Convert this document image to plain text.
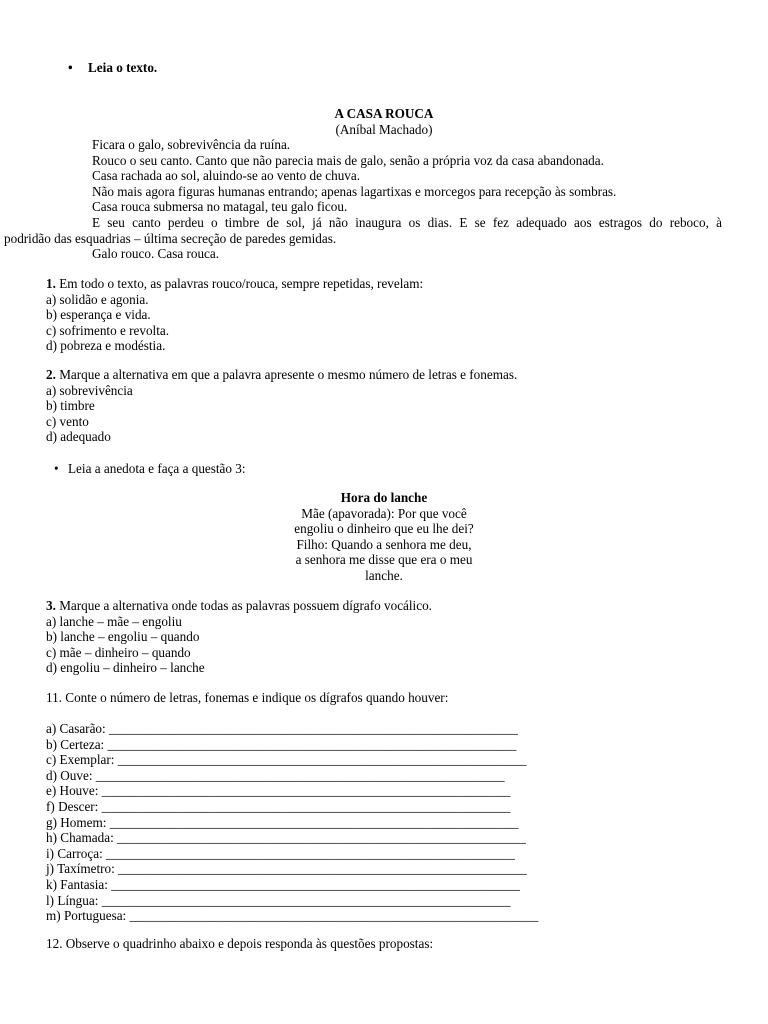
• Leia o texto.
A CASA ROUCA
(Aníbal Machado)
Ficara o galo, sobrevivência da ruína.
Rouco o seu canto. Canto que não parecia mais de galo, senão a própria voz da casa abandonada.
Casa rachada ao sol, aluindo-se ao vento de chuva.
Não mais agora figuras humanas entrando; apenas lagartixas e morcegos para recepção às sombras.
Casa rouca submersa no matagal, teu galo ficou.
E seu canto perdeu o timbre de sol, já não inaugura os dias. E se fez adequado aos estragos do reboco, à
podridão das esquadrias – última secreção de paredes gemidas.
Galo rouco. Casa rouca.
1. Em todo o texto, as palavras rouco/rouca, sempre repetidas, revelam:
a) solidão e agonia.
b) esperança e vida.
c) sofrimento e revolta.
d) pobreza e modéstia.
2. Marque a alternativa em que a palavra apresente o mesmo número de letras e fonemas.
a) sobrevivência
b) timbre
c) vento
d) adequado
• Leia a anedota e faça a questão 3:
Hora do lanche
Mãe (apavorada): Por que você
engoliu o dinheiro que eu lhe dei?
Filho: Quando a senhora me deu,
a senhora me disse que era o meu
lanche.
3. Marque a alternativa onde todas as palavras possuem dígrafo vocálico.
a) lanche – mãe – engoliu
b) lanche – engoliu – quando
c) mãe – dinheiro – quando
d) engoliu – dinheiro – lanche
11. Conte o número de letras, fonemas e indique os dígrafos quando houver:
a) Casarão: ______________________________________________________________
b) Certeza: ______________________________________________________________
c) Exemplar: ______________________________________________________________
d) Ouve: ______________________________________________________________
e) Houve: ______________________________________________________________
f) Descer: ______________________________________________________________
g) Homem: ______________________________________________________________
h) Chamada: ______________________________________________________________
i) Carroça: ______________________________________________________________
j) Taxímetro: ______________________________________________________________
k) Fantasia: ______________________________________________________________
l) Língua: ______________________________________________________________
m) Portuguesa: ______________________________________________________________
12. Observe o quadrinho abaixo e depois responda às questões propostas:
